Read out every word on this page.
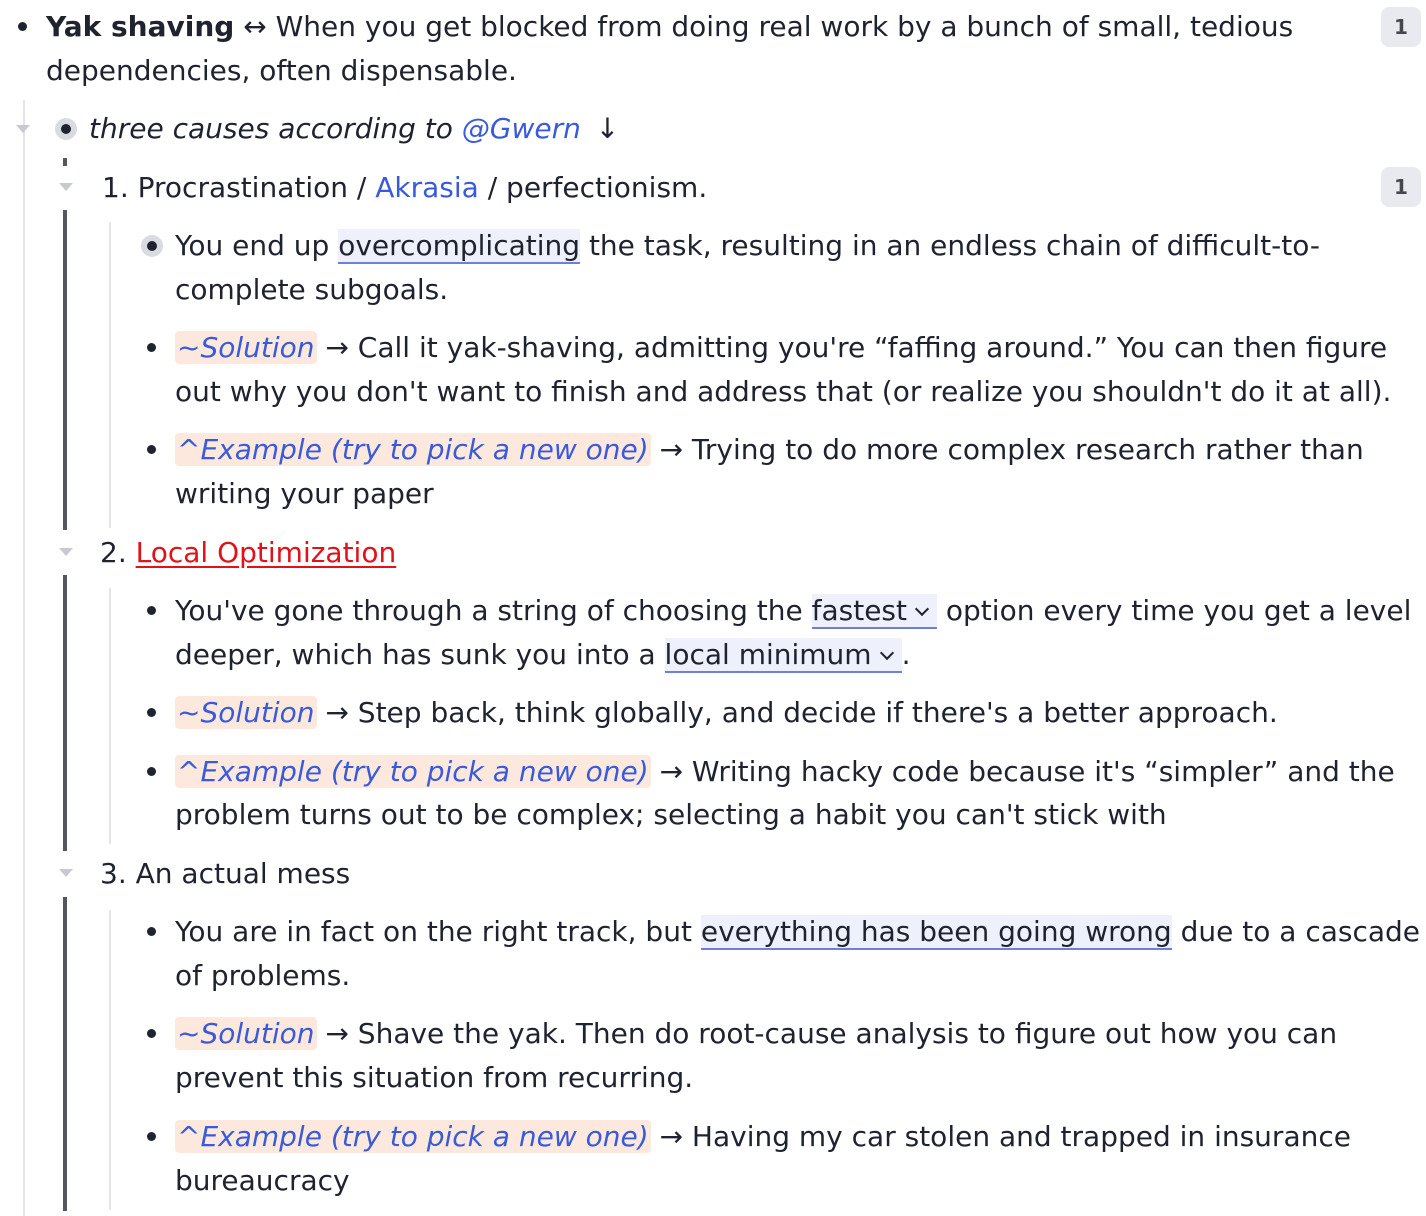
Yak shaving ↔ When you get blocked from doing real work by a bunch of small, tedious
dependencies, often dispensable.
1
three causes according to @Gwern ↓
1. Procrastination / Akrasia / perfectionism.	1
You end up overcomplicating the task, resulting in an endless chain of difficult-to-
complete subgoals.
~Solution → Call it yak-shaving, admitting you're “faffing around.” You can then figure
out why you don't want to finish and address that (or realize you shouldn't do it at all).
^Example (try to pick a new one) → Trying to do more complex research rather than
writing your paper
2. Local Optimization
You've gone through a string of choosing the fastest option every time you get a level
deeper, which has sunk you into a local minimum .
~Solution → Step back, think globally, and decide if there's a better approach.
^Example (try to pick a new one) → Writing hacky code because it's “simpler” and the
problem turns out to be complex; selecting a habit you can't stick with
3. An actual mess
You are in fact on the right track, but everything has been going wrong due to a cascade
of problems.
~Solution → Shave the yak. Then do root-cause analysis to figure out how you can
prevent this situation from recurring.
^Example (try to pick a new one) → Having my car stolen and trapped in insurance
bureaucracy
